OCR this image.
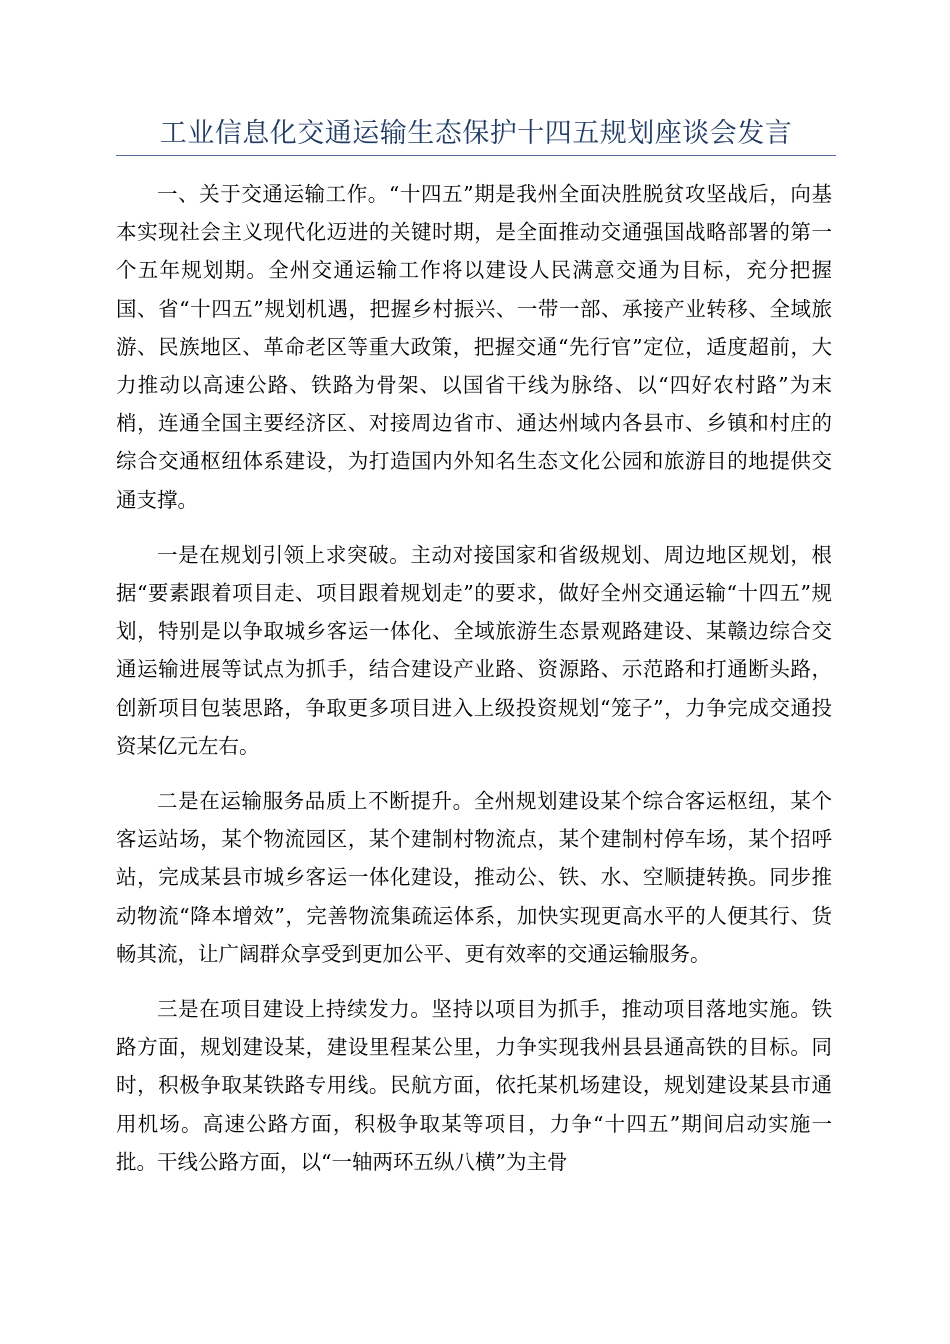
工业信息化交通运输生态保护十四五规划座谈会发言

一、关于交通运输工作。“十四五”期是我州全面决胜脱贫攻坚战后，向基本实现社会主义现代化迈进的关键时期，是全面推动交通强国战略部署的第一个五年规划期。全州交通运输工作将以建设人民满意交通为目标，充分把握国、省“十四五”规划机遇，把握乡村振兴、一带一部、承接产业转移、全域旅游、民族地区、革命老区等重大政策，把握交通“先行官”定位，适度超前，大力推动以高速公路、铁路为骨架、以国省干线为脉络、以“四好农村路”为末梢，连通全国主要经济区、对接周边省市、通达州域内各县市、乡镇和村庄的综合交通枢纽体系建设，为打造国内外知名生态文化公园和旅游目的地提供交通支撑。

一是在规划引领上求突破。主动对接国家和省级规划、周边地区规划，根据“要素跟着项目走、项目跟着规划走”的要求，做好全州交通运输“十四五”规划，特别是以争取城乡客运一体化、全域旅游生态景观路建设、某赣边综合交通运输进展等试点为抓手，结合建设产业路、资源路、示范路和打通断头路，创新项目包装思路，争取更多项目进入上级投资规划“笼子”，力争完成交通投资某亿元左右。

二是在运输服务品质上不断提升。全州规划建设某个综合客运枢纽，某个客运站场，某个物流园区，某个建制村物流点，某个建制村停车场，某个招呼站，完成某县市城乡客运一体化建设，推动公、铁、水、空顺捷转换。同步推动物流“降本增效”，完善物流集疏运体系，加快实现更高水平的人便其行、货畅其流，让广阔群众享受到更加公平、更有效率的交通运输服务。

三是在项目建设上持续发力。坚持以项目为抓手，推动项目落地实施。铁路方面，规划建设某，建设里程某公里，力争实现我州县县通高铁的目标。同时，积极争取某铁路专用线。民航方面，依托某机场建设，规划建设某县市通用机场。高速公路方面，积极争取某等项目，力争“十四五”期间启动实施一批。干线公路方面，以“一轴两环五纵八横”为主骨
